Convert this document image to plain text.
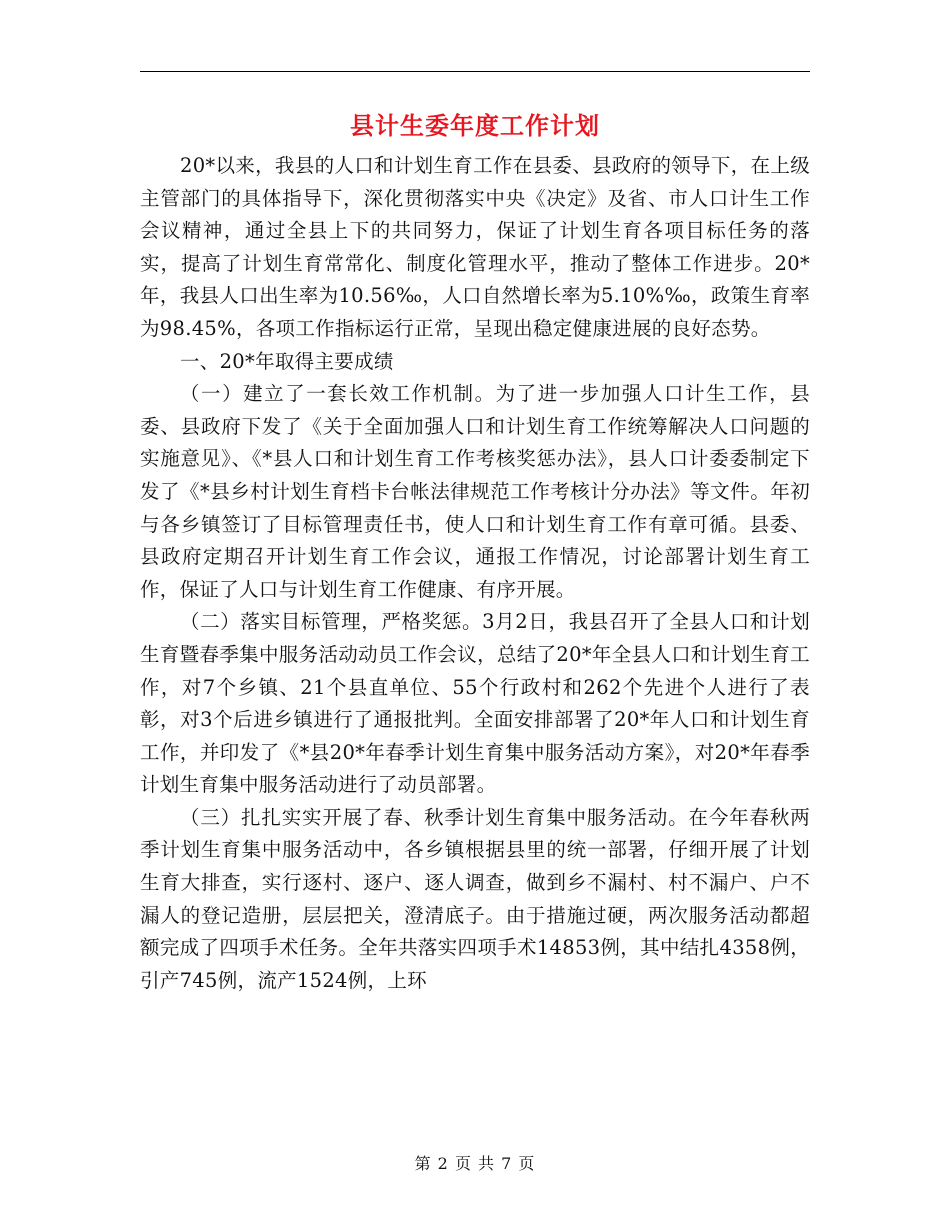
县计生委年度工作计划

20*以来，我县的人口和计划生育工作在县委、县政府的领导下，在上级主管部门的具体指导下，深化贯彻落实中央《决定》及省、市人口计生工作会议精神，通过全县上下的共同努力，保证了计划生育各项目标任务的落实，提高了计划生育常常化、制度化管理水平，推动了整体工作进步。20*年，我县人口出生率为10.56‰，人口自然增长率为5.10%‰，政策生育率为98.45%，各项工作指标运行正常，呈现出稳定健康进展的良好态势。

一、20*年取得主要成绩

（一）建立了一套长效工作机制。为了进一步加强人口计生工作，县委、县政府下发了《关于全面加强人口和计划生育工作统筹解决人口问题的实施意见》、《*县人口和计划生育工作考核奖惩办法》，县人口计委委制定下发了《*县乡村计划生育档卡台帐法律规范工作考核计分办法》等文件。年初与各乡镇签订了目标管理责任书，使人口和计划生育工作有章可循。县委、县政府定期召开计划生育工作会议，通报工作情况，讨论部署计划生育工作，保证了人口与计划生育工作健康、有序开展。

（二）落实目标管理，严格奖惩。3月2日，我县召开了全县人口和计划生育暨春季集中服务活动动员工作会议，总结了20*年全县人口和计划生育工作，对7个乡镇、21个县直单位、55个行政村和262个先进个人进行了表彰，对3个后进乡镇进行了通报批判。全面安排部署了20*年人口和计划生育工作，并印发了《*县20*年春季计划生育集中服务活动方案》，对20*年春季计划生育集中服务活动进行了动员部署。

（三）扎扎实实开展了春、秋季计划生育集中服务活动。在今年春秋两季计划生育集中服务活动中，各乡镇根据县里的统一部署，仔细开展了计划生育大排查，实行逐村、逐户、逐人调查，做到乡不漏村、村不漏户、户不漏人的登记造册，层层把关，澄清底子。由于措施过硬，两次服务活动都超额完成了四项手术任务。全年共落实四项手术14853例，其中结扎4358例，引产745例，流产1524例，上环

第 2 页 共 7 页
